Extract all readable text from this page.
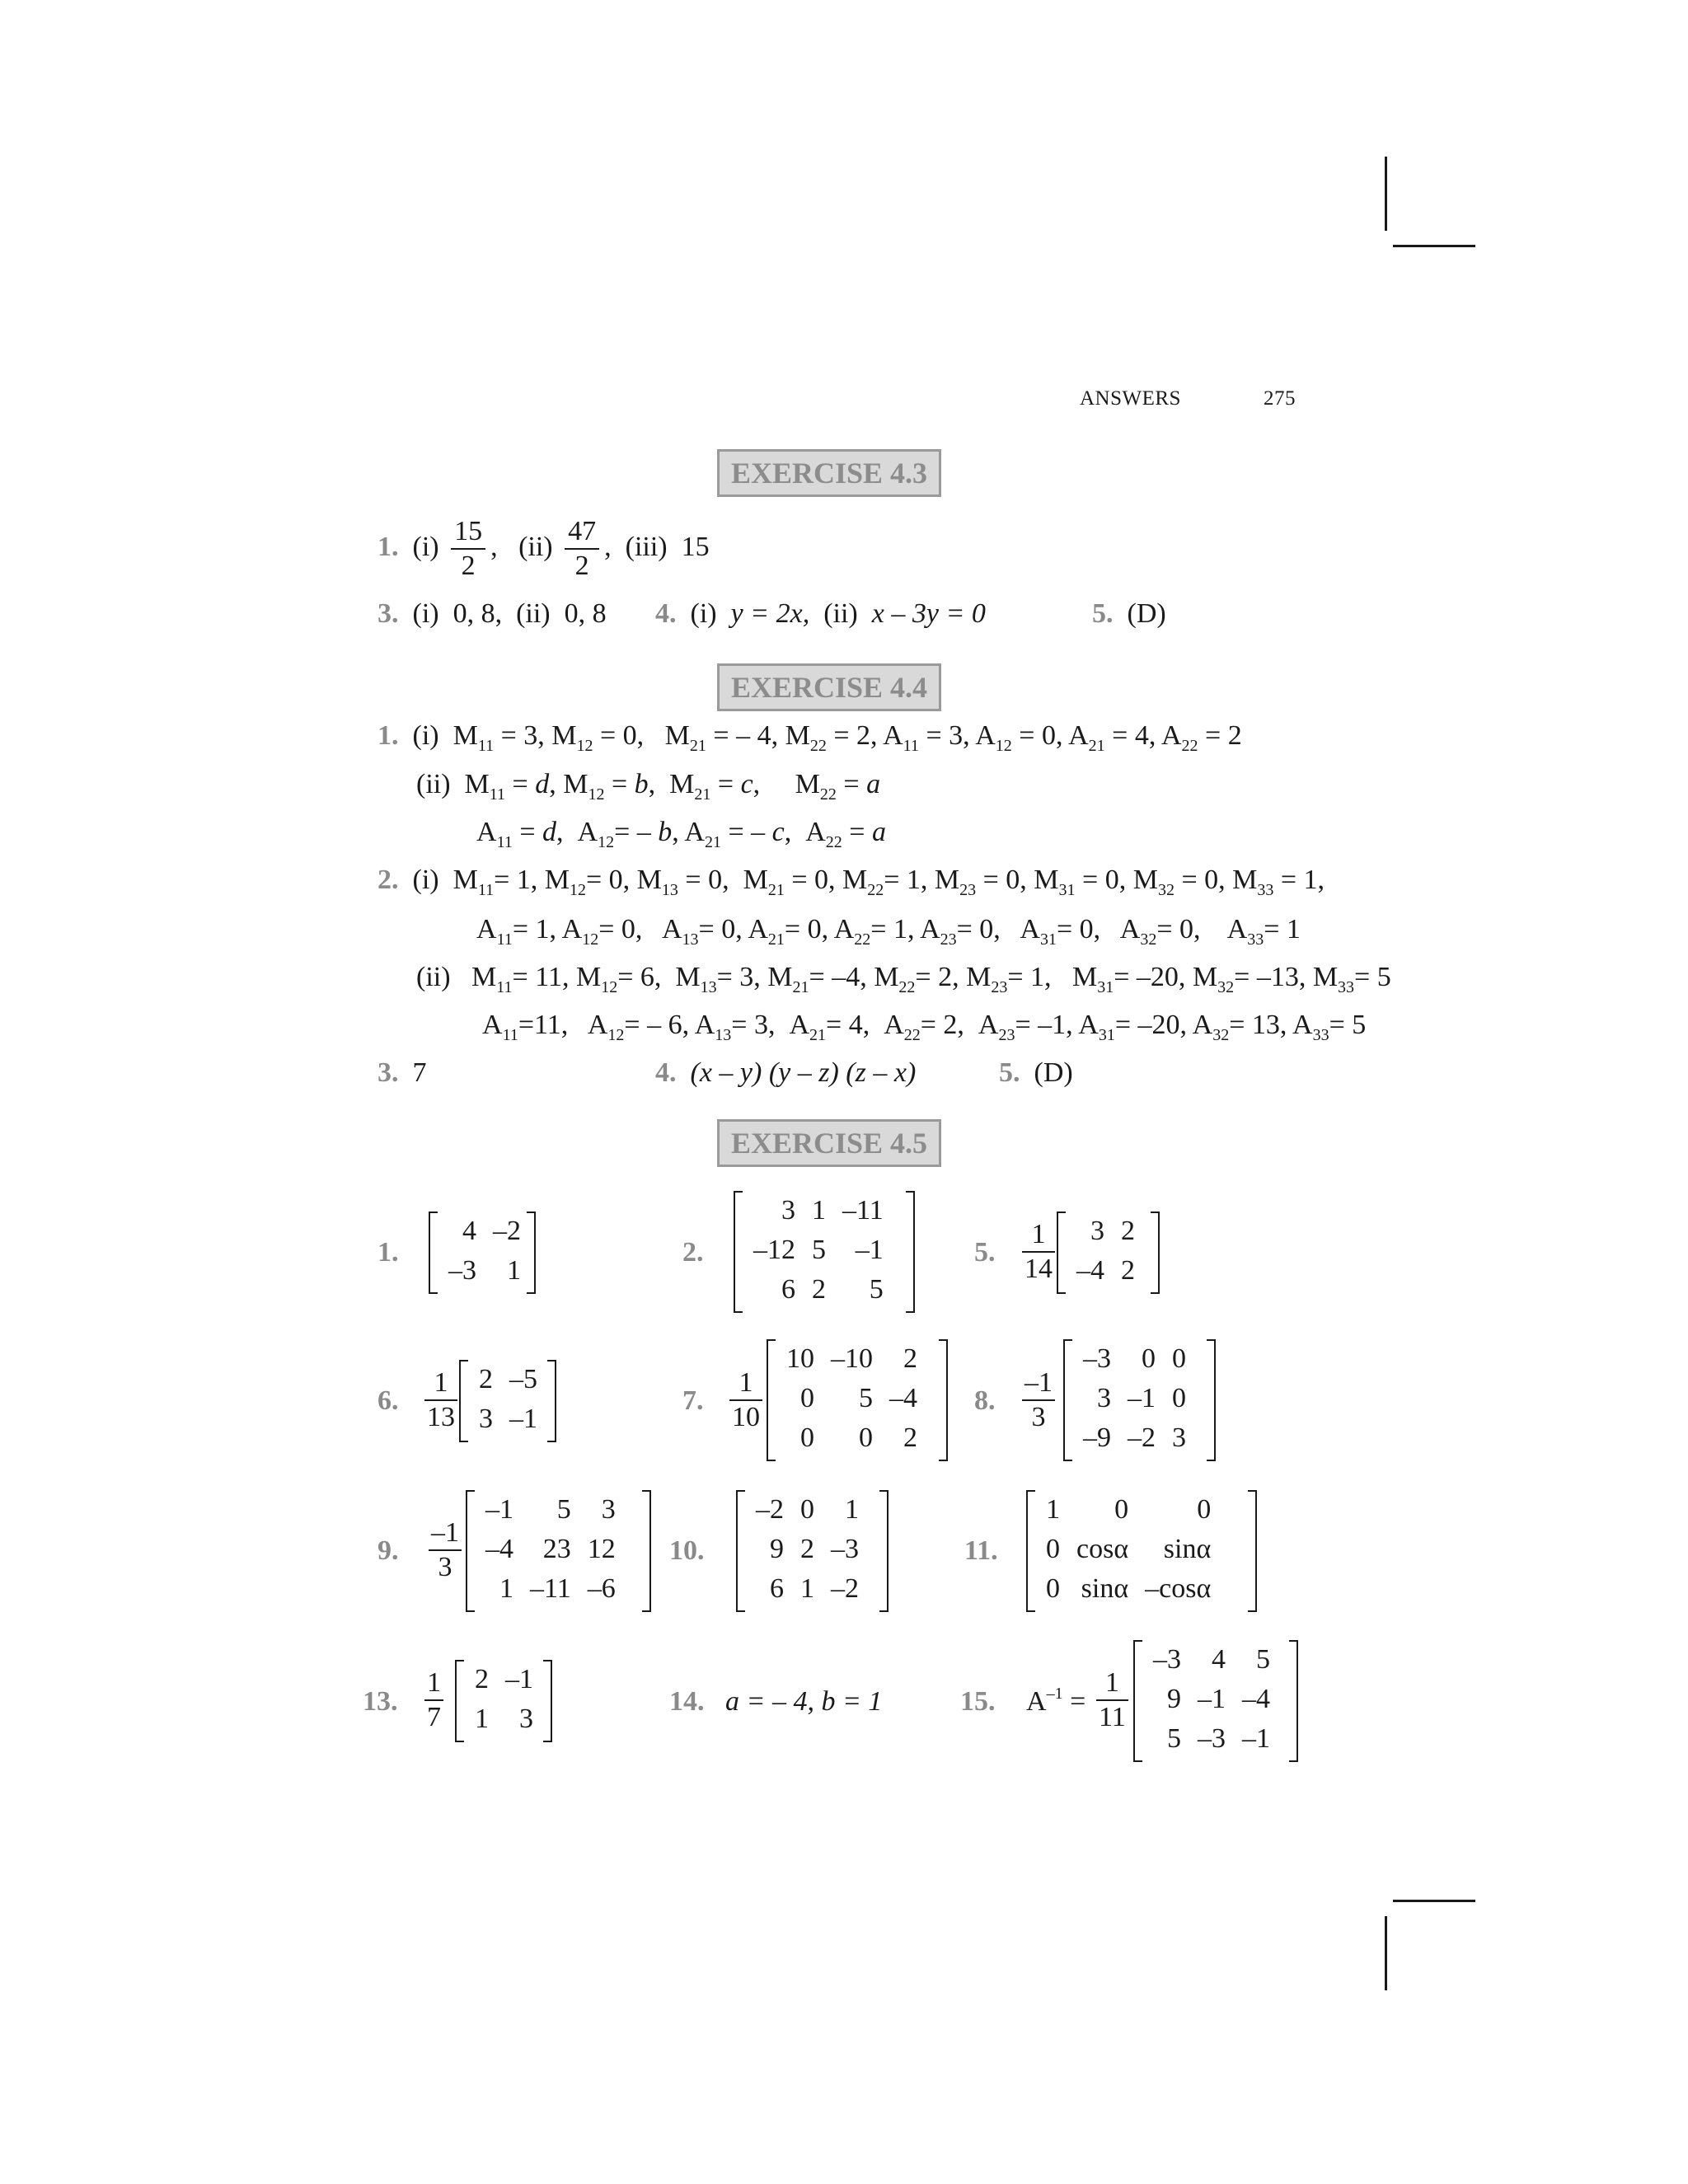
ANSWERS	275
EXERCISE 4.3
1. $(i) \frac{15}{2}$ ,   $(ii) \frac{47}{2}$ ,  (iii) 15
3. (i)  0, 8,  (ii)  0, 8 4. (i) y = 2x, (ii) x – 3y = 0	5. (D)
EXERCISE 4.4
1. (i) $M_{11} = 3$, $M_{12} = 0$,   $M_{21}$ = – 4, $M_{22} = 2$, $A_{11} = 3$, $A_{12} = 0$, $A_{21} = 4$, $A_{22} = 2$
(ii) $M_{11} = d$, $M_{12} = b$,  $M_{21} = c$,     $M_{22} = a$
$A_{11} = d$,  $A_{12}= - b$, $A_{21}$ = – c,  $A_{22} = a$
2. (i) $M_{11}= 1$, $M_{12}= 0$, $M_{13} = 0$,  $M_{21} = 0$, $M_{22}= 1$, $M_{23} = 0$, $M_{31} = 0$, $M_{32} = 0$, $M_{33} = 1$,
$A_{11}= 1$, $A_{12}= 0$,   $A_{13}= 0$, $A_{21}= 0$, $A_{22}= 1$, $A_{23}= 0$,   $A_{31}= 0$,   $A_{32}= 0$,    $A_{33}= 1$
(ii) $M_{11}= 11$, $M_{12}= 6$,  $M_{13}= 3$, $M_{21}= -4$, $M_{22}= 2$, $M_{23}= 1$,   $M_{31}= -20$, $M_{32}= -13$, $M_{33}= 5$
$A_{11}=11$,   $A_{12}= - 6$, $A_{13}= 3$,  $A_{21}= 4$,  $A_{22}= 2$,  $A_{23}= -1$, $A_{31}= -20$, $A_{32}= 13$, $A_{33}= 5$
3. 7	4. (x – y) (y – z) (z – x)	5. (D)
EXERCISE 4.5
1.
4	–2
–3	1
2.
3	1	–11
–12	5	–1
6	2	5
5. $\frac{1}{14} 3$	2
–4	2
6. $\frac{1}{13} 2$	–5
3	–1
7. $\frac{1}{10}$
10	–10	2
0	5	–4
0	0	2
8. $\frac{-1}{3}$
–3	0	0
3	–1	0
–9	–2	3
9. $\frac{-1}{3}$
–1	5	3
–4	23	12
1	–11	–6
10.
–2	0	1
9	2	–3
6	1	–2
11.
1	0	0
0	cosα	sinα
0	sinα	–cosα
13. $\frac{1}{7} 2$	–1
1	3
14. a = – 4, b = 1	15. $A^{-1} = \frac{1}{11}$
–3	4	5
9	–1	–4
5	–3	–1
